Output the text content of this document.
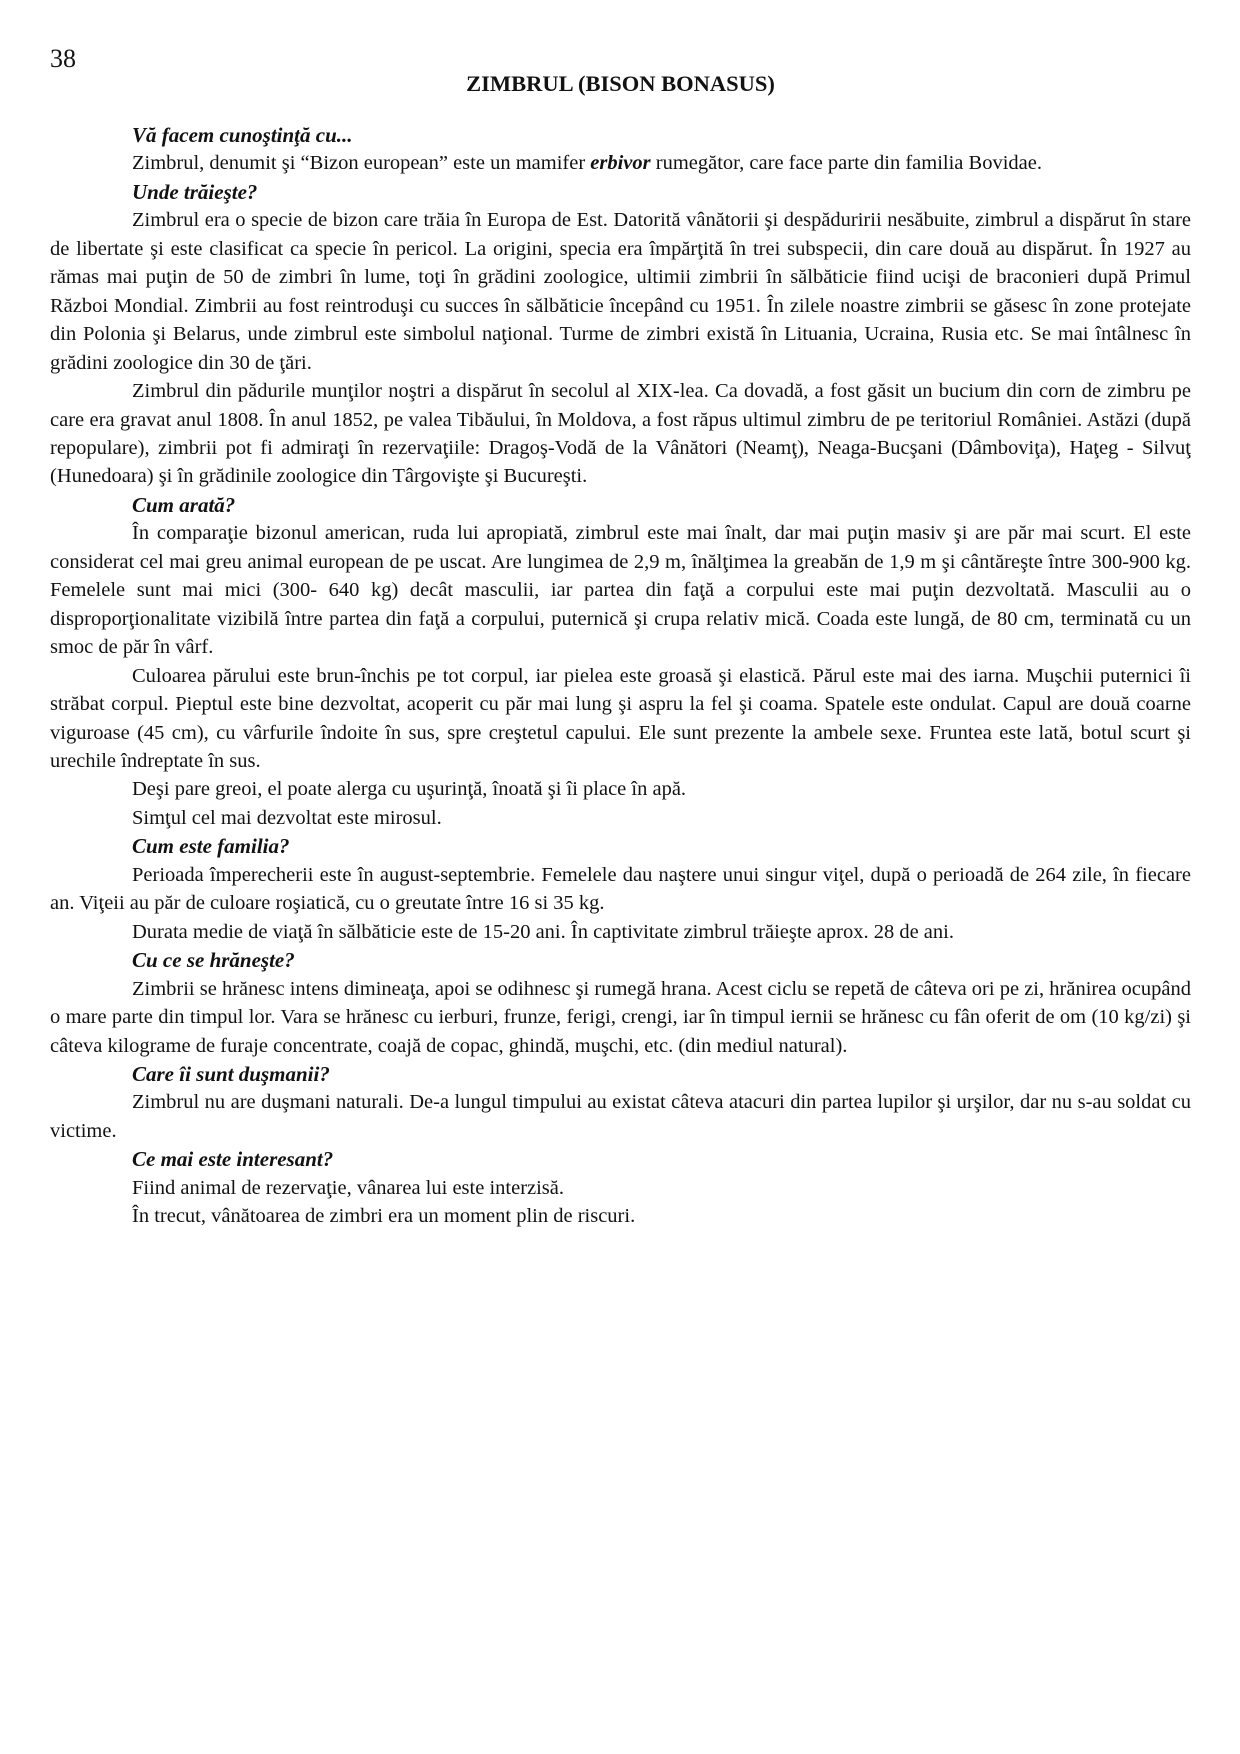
38
ZIMBRUL (BISON BONASUS)
Vă facem cunoştinţă cu...

Zimbrul, denumit şi “Bizon european” este un mamifer erbivor rumegător, care face parte din familia Bovidae.

Unde trăieşte?

Zimbrul era o specie de bizon care trăia în Europa de Est. Datorită vânătorii şi despăduririi nesăbuite, zimbrul a dispărut în stare de libertate şi este clasificat ca specie în pericol. La origini, specia era împărţită în trei subspecii, din care două au dispărut. În 1927 au rămas mai puţin de 50 de zimbri în lume, toţi în grădini zoologice, ultimii zimbrii în sălbăticie fiind ucişi de braconieri după Primul Război Mondial. Zimbrii au fost reintroduşi cu succes în sălbăticie începând cu 1951. În zilele noastre zimbrii se găsesc în zone protejate din Polonia şi Belarus, unde zimbrul este simbolul naţional. Turme de zimbri există în Lituania, Ucraina, Rusia etc. Se mai întâlnesc în grădini zoologice din 30 de ţări.

Zimbrul din pădurile munţilor noştri a dispărut în secolul al XIX-lea. Ca dovadă, a fost găsit un bucium din corn de zimbru pe care era gravat anul 1808. În anul 1852, pe valea Tibăului, în Moldova, a fost răpus ultimul zimbru de pe teritoriul României. Astăzi (după repopulare), zimbrii pot fi admiraţi în rezervaţiile: Dragoş-Vodă de la Vânători (Neamţ), Neaga-Bucşani (Dâmboviţa), Haţeg - Silvuţ (Hunedoara) şi în grădinile zoologice din Târgovişte şi Bucureşti.

Cum arată?

În comparaţie bizonul american, ruda lui apropiată, zimbrul este mai înalt, dar mai puţin masiv şi are păr mai scurt. El este considerat cel mai greu animal european de pe uscat. Are lungimea de 2,9 m, înălţimea la greabăn de 1,9 m şi cântăreşte între 300-900 kg. Femelele sunt mai mici (300- 640 kg) decât masculii, iar partea din faţă a corpului este mai puţin dezvoltată. Masculii au o disproporţionalitate vizibilă între partea din faţă a corpului, puternică şi crupa relativ mică. Coada este lungă, de 80 cm, terminată cu un smoc de păr în vârf.

Culoarea părului este brun-închis pe tot corpul, iar pielea este groasă şi elastică. Părul este mai des iarna. Muşchii puternici îi străbat corpul. Pieptul este bine dezvoltat, acoperit cu păr mai lung şi aspru la fel şi coama. Spatele este ondulat. Capul are două coarne viguroase (45 cm), cu vârfurile îndoite în sus, spre creştetul capului. Ele sunt prezente la ambele sexe. Fruntea este lată, botul scurt şi urechile îndreptate în sus.

Deşi pare greoi, el poate alerga cu uşurinţă, înoată şi îi place în apă.

Simţul cel mai dezvoltat este mirosul.

Cum este familia?

Perioada împerecherii este în august-septembrie. Femelele dau naştere unui singur viţel, după o perioadă de 264 zile, în fiecare an. Viţeii au păr de culoare roşiatică, cu o greutate între 16 si 35 kg.

Durata medie de viaţă în sălbăticie este de 15-20 ani. În captivitate zimbrul trăieşte aprox. 28 de ani.

Cu ce se hrăneşte?

Zimbrii se hrănesc intens dimineaţa, apoi se odihnesc şi rumegă hrana. Acest ciclu se repetă de câteva ori pe zi, hrănirea ocupând o mare parte din timpul lor. Vara se hrănesc cu ierburi, frunze, ferigi, crengi, iar în timpul iernii se hrănesc cu fân oferit de om (10 kg/zi) şi câteva kilograme de furaje concentrate, coajă de copac, ghindă, muşchi, etc. (din mediul natural).

Care îi sunt duşmanii?

Zimbrul nu are duşmani naturali. De-a lungul timpului au existat câteva atacuri din partea lupilor şi urşilor, dar nu s-au soldat cu victime.

Ce mai este interesant?

Fiind animal de rezervaţie, vânarea lui este interzisă.

În trecut, vânătoarea de zimbri era un moment plin de riscuri.
